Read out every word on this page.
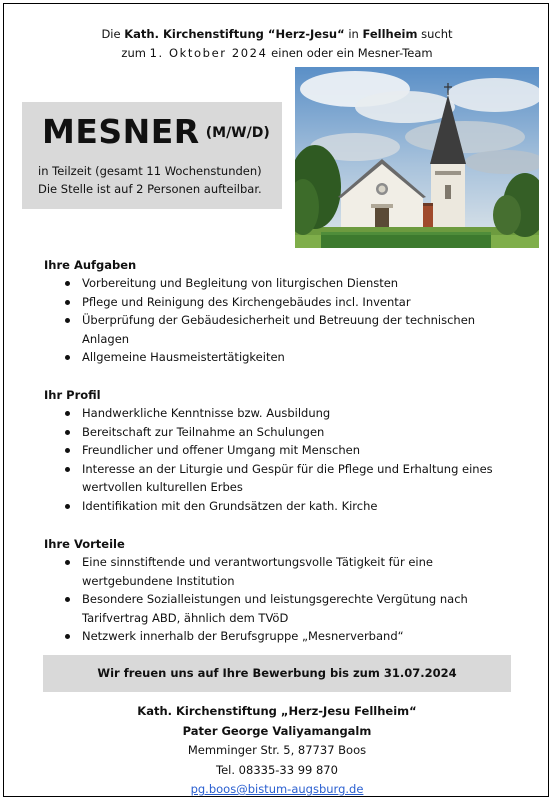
Die Kath. Kirchenstiftung “Herz-Jesu“ in Fellheim sucht
zum 1. Oktober 2024 einen oder ein Mesner-Team
MESNER (M/W/D)
in Teilzeit (gesamt 11 Wochenstunden)
Die Stelle ist auf 2 Personen aufteilbar.
Ihre Aufgaben
Vorbereitung und Begleitung von liturgischen Diensten
Pflege und Reinigung des Kirchengebäudes incl. Inventar
Überprüfung der Gebäudesicherheit und Betreuung der technischen Anlagen
Allgemeine Hausmeistertätigkeiten
Ihr Profil
Handwerkliche Kenntnisse bzw. Ausbildung
Bereitschaft zur Teilnahme an Schulungen
Freundlicher und offener Umgang mit Menschen
Interesse an der Liturgie und Gespür für die Pflege und Erhaltung eines wertvollen kulturellen Erbes
Identifikation mit den Grundsätzen der kath. Kirche
Ihre Vorteile
Eine sinnstiftende und verantwortungsvolle Tätigkeit für eine wertgebundene Institution
Besondere Sozialleistungen und leistungsgerechte Vergütung nach Tarifvertrag ABD, ähnlich dem TVöD
Netzwerk innerhalb der Berufsgruppe „Mesnerverband“
Wir freuen uns auf Ihre Bewerbung bis zum 31.07.2024
Kath. Kirchenstiftung „Herz-Jesu Fellheim“
Pater George Valiyamangalm
Memminger Str. 5, 87737 Boos
Tel. 08335-33 99 870
pg.boos@bistum-augsburg.de
